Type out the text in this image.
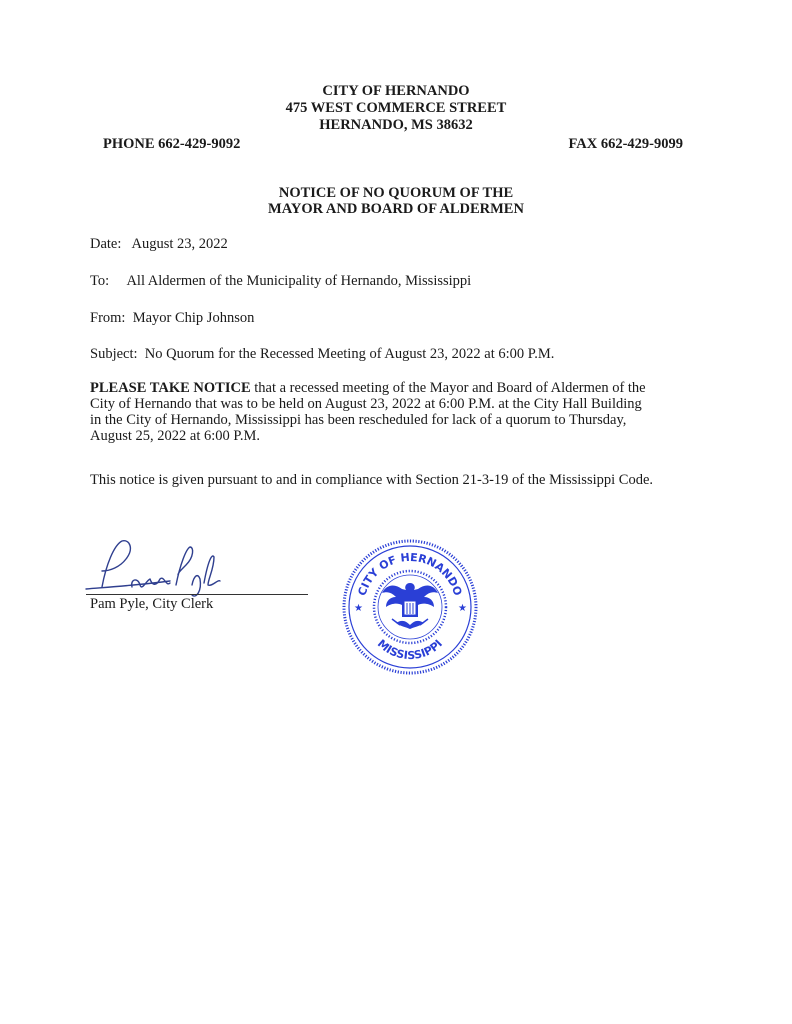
CITY OF HERNANDO
475 WEST COMMERCE STREET
HERNANDO, MS 38632
PHONE 662-429-9092	FAX 662-429-9099
NOTICE OF NO QUORUM OF THE
MAYOR AND BOARD OF ALDERMEN
Date:   August 23, 2022
To:     All Aldermen of the Municipality of Hernando, Mississippi
From:  Mayor Chip Johnson
Subject:  No Quorum for the Recessed Meeting of August 23, 2022 at 6:00 P.M.
PLEASE TAKE NOTICE that a recessed meeting of the Mayor and Board of Aldermen of the
City of Hernando that was to be held on August 23, 2022 at 6:00 P.M. at the City Hall Building
in the City of Hernando, Mississippi has been rescheduled for lack of a quorum to Thursday,
August 25, 2022 at 6:00 P.M.
This notice is given pursuant to and in compliance with Section 21-3-19 of the Mississippi Code.
Pam Pyle, City Clerk
CITY OF HERNANDO
MISSISSIPPI
★	★
